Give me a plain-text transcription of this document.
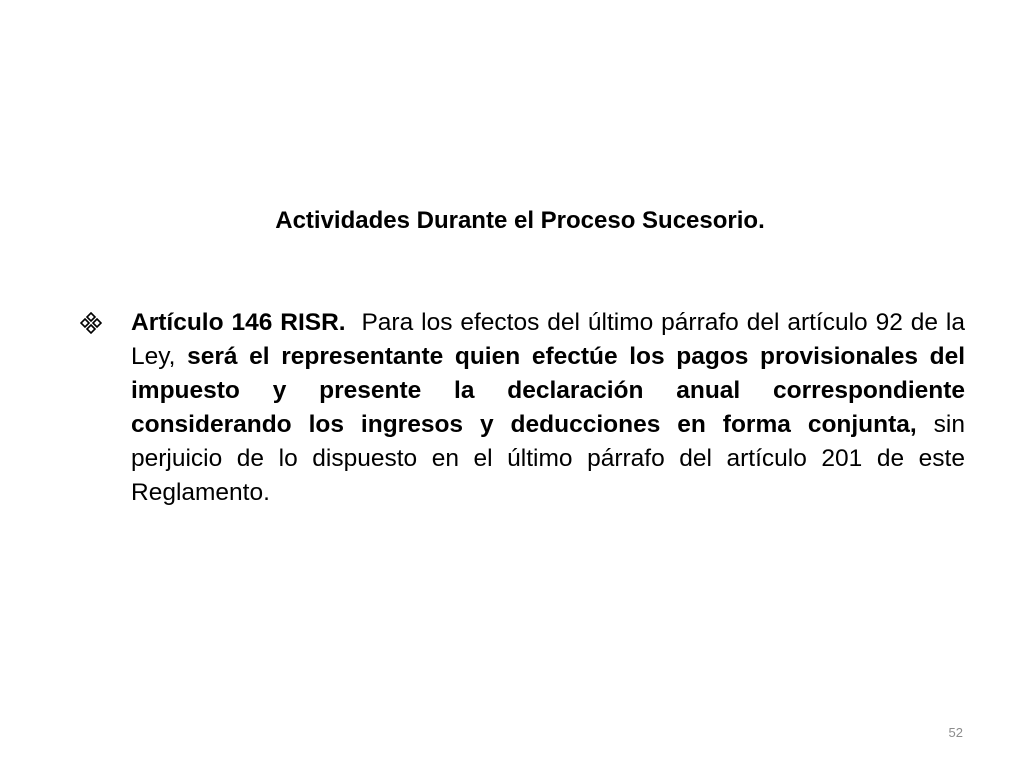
Actividades Durante el Proceso Sucesorio.

Artículo 146 RISR. Para los efectos del último párrafo del artículo 92 de la Ley, será el representante quien efectúe los pagos provisionales del impuesto y presente la declaración anual correspondiente considerando los ingresos y deducciones en forma conjunta, sin perjuicio de lo dispuesto en el último párrafo del artículo 201 de este Reglamento.

52
